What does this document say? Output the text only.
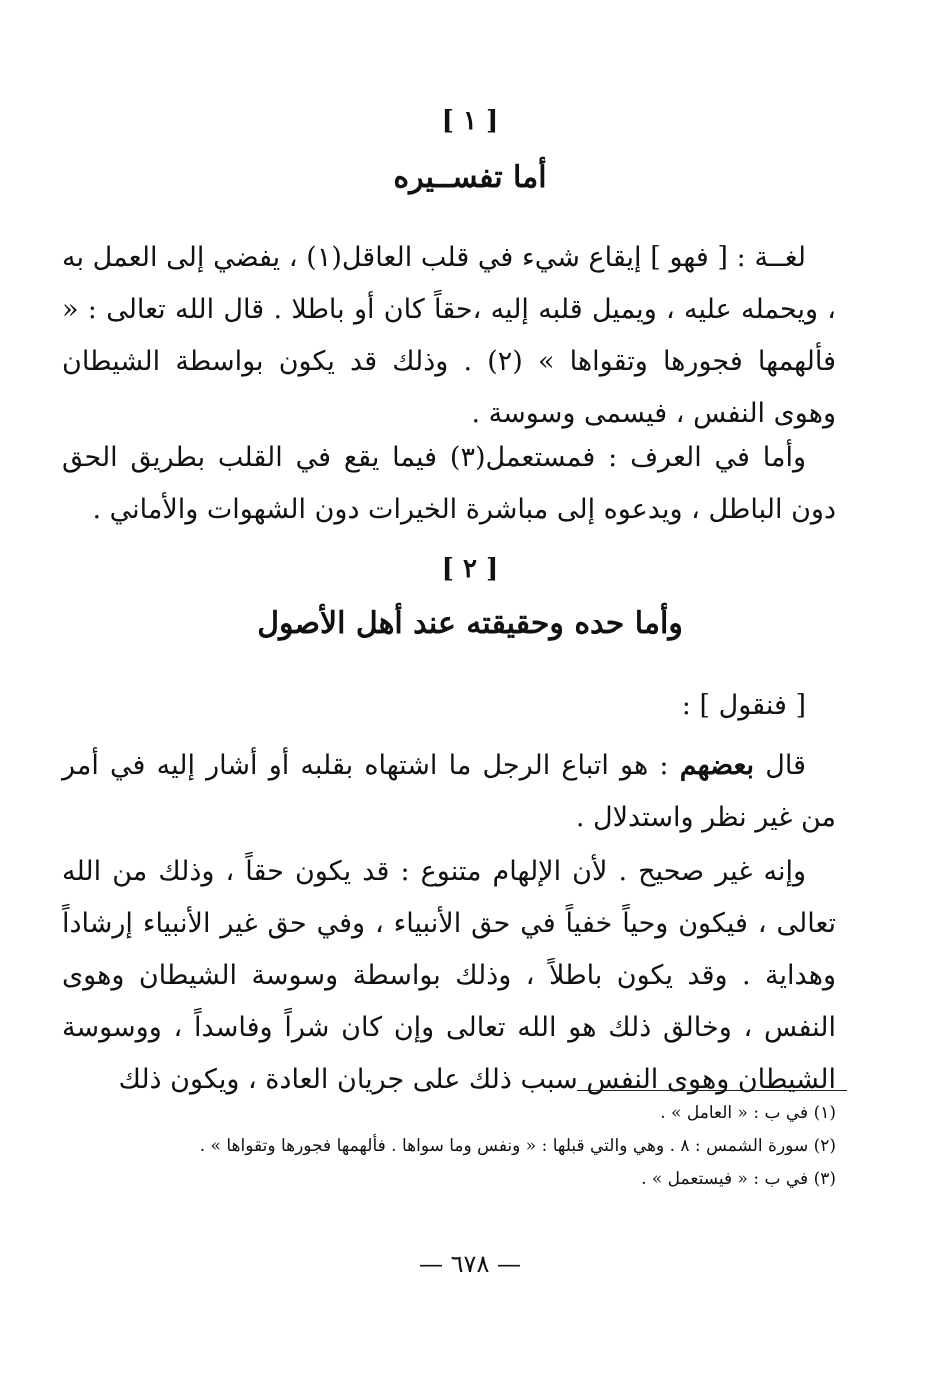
[ ١ ]
أما تفســيره
لغــة : [ فهو ] إيقاع شيء في قلب العاقل(١) ، يفضي إلى العمل به ، ويحمله عليه ، ويميل قلبه إليه ،حقاً كان أو باطلا . قال الله تعالى : « فألهمها فجورها وتقواها » (٢) . وذلك قد يكون بواسطة الشيطان وهوى النفس ، فيسمى وسوسة .
وأما في العرف : فمستعمل(٣) فيما يقع في القلب بطريق الحق دون الباطل ، ويدعوه إلى مباشرة الخيرات دون الشهوات والأماني .
[ ٢ ]
وأما حده وحقيقته عند أهل الأصول
[ فنقول ] :
قال بعضهم : هو اتباع الرجل ما اشتهاه بقلبه أو أشار إليه في أمر من غير نظر واستدلال .
وإنه غير صحيح . لأن الإلهام متنوع : قد يكون حقاً ، وذلك من الله تعالى ، فيكون وحياً خفياً في حق الأنبياء ، وفي حق غير الأنبياء إرشاداً وهداية . وقد يكون باطلاً ، وذلك بواسطة وسوسة الشيطان وهوى النفس ، وخالق ذلك هو الله تعالى وإن كان شراً وفاسداً ، ووسوسة الشيطان وهوى النفس سبب ذلك على جريان العادة ، ويكون ذلك
(١) في ب : « العامل » .
(٢) سورة الشمس : ٨ . وهي والتي قبلها : « ونفس وما سواها . فألهمها فجورها وتقواها » .
(٣) في ب : « فيستعمل » .
— ٦٧٨ —
